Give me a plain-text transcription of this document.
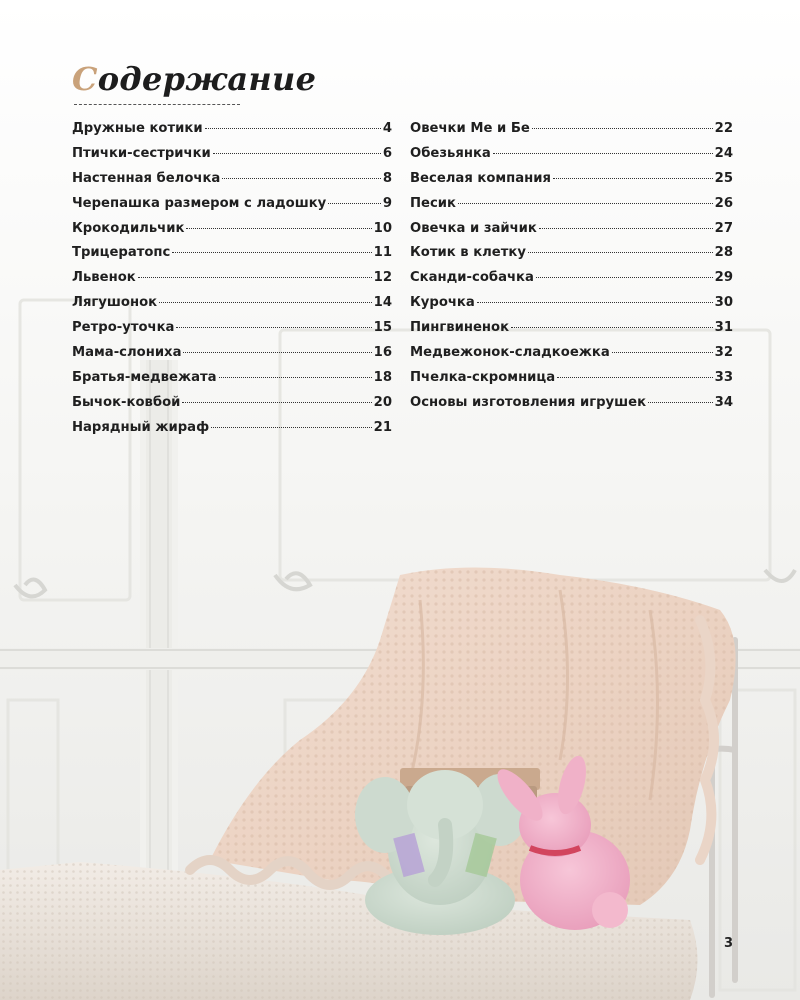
Содержание
Дружные котики	4
Птички-сестрички	6
Настенная белочка	8
Черепашка размером с ладошку	9
Крокодильчик	10
Трицератопс	11
Львенок	12
Лягушонок	14
Ретро-уточка	15
Мама-слониха	16
Братья-медвежата	18
Бычок-ковбой	20
Нарядный жираф	21
Овечки Ме и Бе	22
Обезьянка	24
Веселая компания	25
Песик	26
Овечка и зайчик	27
Котик в клетку	28
Сканди-собачка	29
Курочка	30
Пингвиненок	31
Медвежонок-сладкоежка	32
Пчелка-скромница	33
Основы изготовления игрушек	34
3
